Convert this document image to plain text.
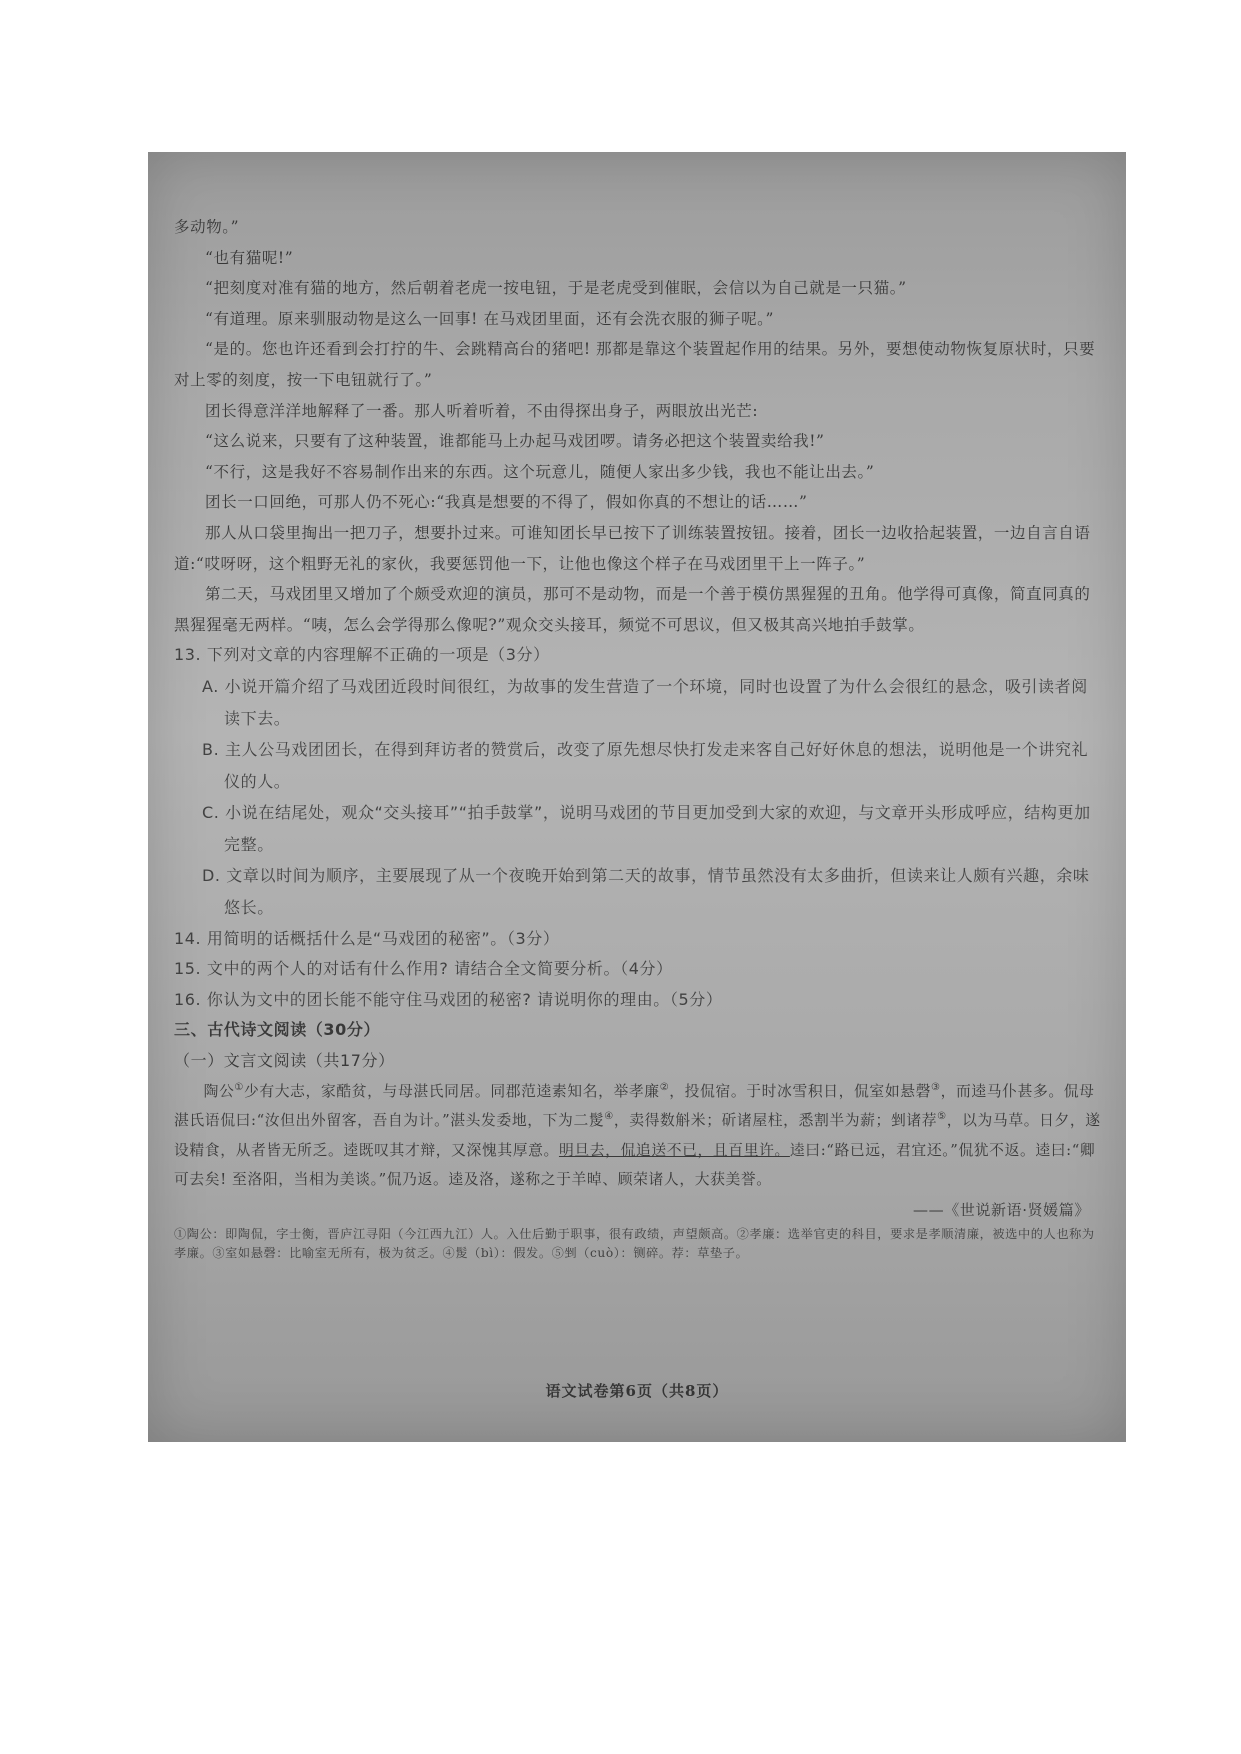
多动物。”

“也有猫呢!”

“把刻度对准有猫的地方，然后朝着老虎一按电钮，于是老虎受到催眠，会信以为自己就是一只猫。”

“有道理。原来驯服动物是这么一回事! 在马戏团里面，还有会洗衣服的狮子呢。”

“是的。您也许还看到会打拧的牛、会跳精高台的猪吧! 那都是靠这个装置起作用的结果。另外，要想使动物恢复原状时，只要对上零的刻度，按一下电钮就行了。”

团长得意洋洋地解释了一番。那人听着听着，不由得探出身子，两眼放出光芒:

“这么说来，只要有了这种装置，谁都能马上办起马戏团啰。请务必把这个装置卖给我!”

“不行，这是我好不容易制作出来的东西。这个玩意儿，随便人家出多少钱，我也不能让出去。”

团长一口回绝，可那人仍不死心:“我真是想要的不得了，假如你真的不想让的话……”

那人从口袋里掏出一把刀子，想要扑过来。可谁知团长早已按下了训练装置按钮。接着，团长一边收拾起装置，一边自言自语道:“哎呀呀，这个粗野无礼的家伙，我要惩罚他一下，让他也像这个样子在马戏团里干上一阵子。”

第二天，马戏团里又增加了个颇受欢迎的演员，那可不是动物，而是一个善于模仿黑猩猩的丑角。他学得可真像，简直同真的黑猩猩毫无两样。“咦，怎么会学得那么像呢?”观众交头接耳，频觉不可思议，但又极其高兴地拍手鼓掌。

13. 下列对文章的内容理解不正确的一项是（3分）

A. 小说开篇介绍了马戏团近段时间很红，为故事的发生营造了一个环境，同时也设置了为什么会很红的悬念，吸引读者阅读下去。

B. 主人公马戏团团长，在得到拜访者的赞赏后，改变了原先想尽快打发走来客自己好好休息的想法，说明他是一个讲究礼仪的人。

C. 小说在结尾处，观众“交头接耳”“拍手鼓掌”，说明马戏团的节目更加受到大家的欢迎，与文章开头形成呼应，结构更加完整。

D. 文章以时间为顺序，主要展现了从一个夜晚开始到第二天的故事，情节虽然没有太多曲折，但读来让人颇有兴趣，余味悠长。

14. 用简明的话概括什么是“马戏团的秘密”。（3分）

15. 文中的两个人的对话有什么作用? 请结合全文简要分析。（4分）

16. 你认为文中的团长能不能守住马戏团的秘密? 请说明你的理由。（5分）

三、古代诗文阅读（30分）

（一）文言文阅读（共17分）

陶公①少有大志，家酷贫，与母湛氏同居。同郡范逵素知名，举孝廉②，投侃宿。于时冰雪积日，侃室如悬磬③，而逵马仆甚多。侃母湛氏语侃曰:“汝但出外留客，吾自为计。”湛头发委地，下为二髲④，卖得数斛米；斫诸屋柱，悉割半为薪；剉诸荐⑤，以为马草。日夕，遂设精食，从者皆无所乏。逵既叹其才辩，又深愧其厚意。明旦去，侃追送不已，且百里许。逵曰:“路已远，君宜还。”侃犹不返。逵曰:“卿可去矣! 至洛阳，当相为美谈。”侃乃返。逵及洛，遂称之于羊晫、顾荣诸人，大获美誉。

——《世说新语·贤媛篇》

①陶公：即陶侃，字士衡，晋庐江寻阳（今江西九江）人。入仕后勤于职事，很有政绩，声望颇高。②孝廉：选举官吏的科目，要求是孝顺清廉，被选中的人也称为孝廉。③室如悬磬：比喻室无所有，极为贫乏。④髲（bì）：假发。⑤剉（cuò）：铡碎。荐：草垫子。

语文试卷第6页（共8页）
